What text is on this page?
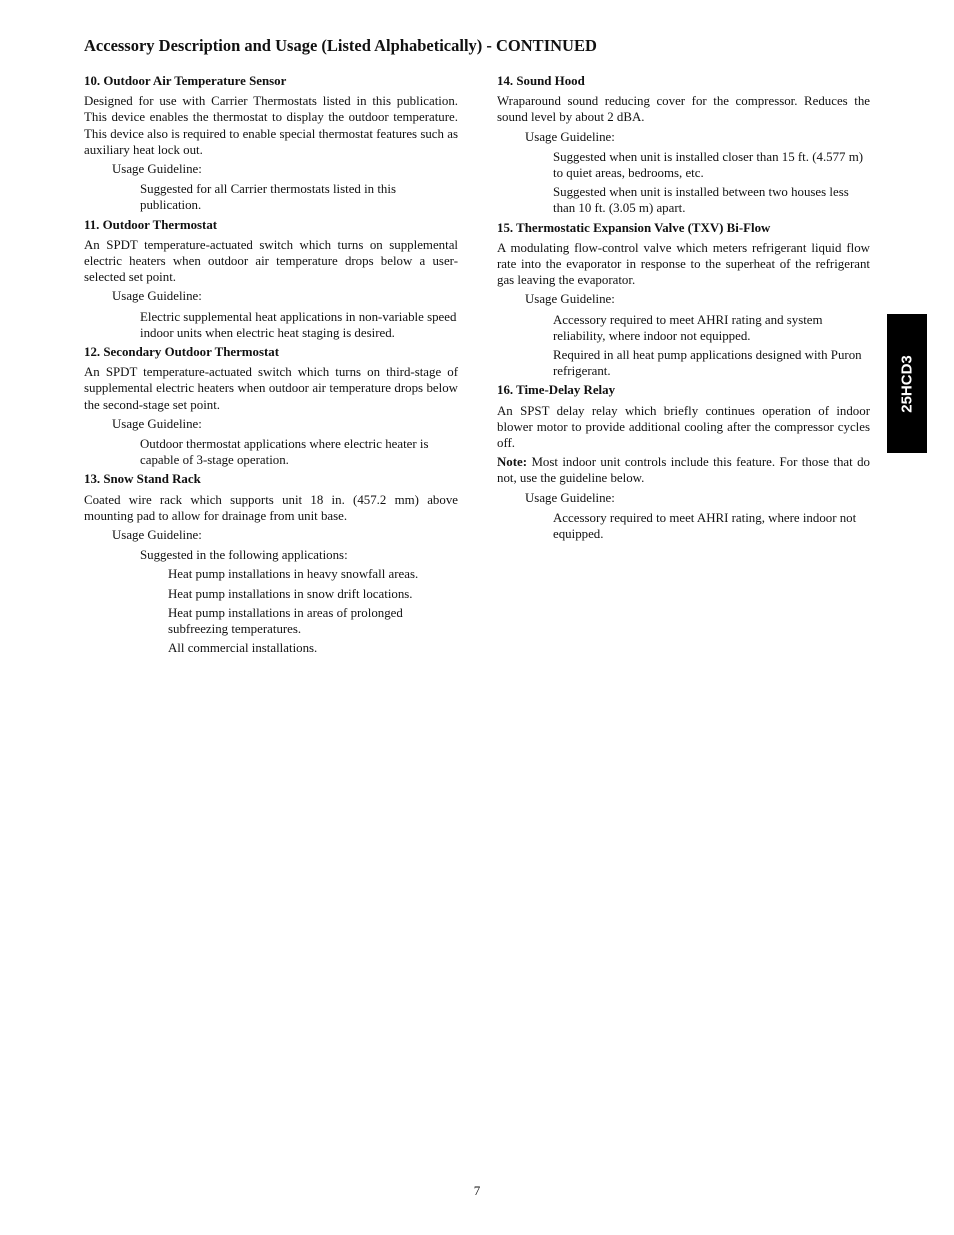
Accessory Description and Usage (Listed Alphabetically) - CONTINUED
10. Outdoor Air Temperature Sensor
Designed for use with Carrier Thermostats listed in this publication. This device enables the thermostat to display the outdoor temperature. This device also is required to enable special thermostat features such as auxiliary heat lock out.
Usage Guideline:
Suggested for all Carrier thermostats listed in this publication.
11. Outdoor Thermostat
An SPDT temperature-actuated switch which turns on supplemental electric heaters when outdoor air temperature drops below a user-selected set point.
Usage Guideline:
Electric supplemental heat applications in non-variable speed indoor units when electric heat staging is desired.
12. Secondary Outdoor Thermostat
An SPDT temperature-actuated switch which turns on third-stage of supplemental electric heaters when outdoor air temperature drops below the second-stage set point.
Usage Guideline:
Outdoor thermostat applications where electric heater is capable of 3-stage operation.
13. Snow Stand Rack
Coated wire rack which supports unit 18 in. (457.2 mm) above mounting pad to allow for drainage from unit base.
Usage Guideline:
Suggested in the following applications:
Heat pump installations in heavy snowfall areas.
Heat pump installations in snow drift locations.
Heat pump installations in areas of prolonged subfreezing temperatures.
All commercial installations.
14. Sound Hood
Wraparound sound reducing cover for the compressor. Reduces the sound level by about 2 dBA.
Usage Guideline:
Suggested when unit is installed closer than 15 ft. (4.577 m) to quiet areas, bedrooms, etc.
Suggested when unit is installed between two houses less than 10 ft. (3.05 m) apart.
15. Thermostatic Expansion Valve (TXV) Bi-Flow
A modulating flow-control valve which meters refrigerant liquid flow rate into the evaporator in response to the superheat of the refrigerant gas leaving the evaporator.
Usage Guideline:
Accessory required to meet AHRI rating and system reliability, where indoor not equipped.
Required in all heat pump applications designed with Puron refrigerant.
16. Time-Delay Relay
An SPST delay relay which briefly continues operation of indoor blower motor to provide additional cooling after the compressor cycles off.
Note: Most indoor unit controls include this feature. For those that do not, use the guideline below.
Usage Guideline:
Accessory required to meet AHRI rating, where indoor not equipped.
25HCD3
7
